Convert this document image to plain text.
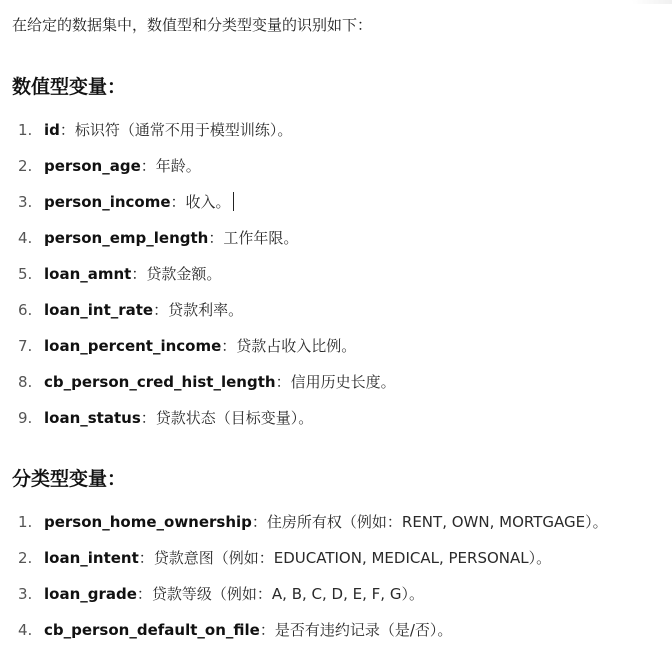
在给定的数据集中，数值型和分类型变量的识别如下：
数值型变量：
1. id：标识符（通常不用于模型训练）。
2. person_age：年龄。
3. person_income：收入。
4. person_emp_length：工作年限。
5. loan_amnt：贷款金额。
6. loan_int_rate：贷款利率。
7. loan_percent_income：贷款占收入比例。
8. cb_person_cred_hist_length：信用历史长度。
9. loan_status：贷款状态（目标变量）。
分类型变量：
1. person_home_ownership：住房所有权（例如：RENT, OWN, MORTGAGE）。
2. loan_intent：贷款意图（例如：EDUCATION, MEDICAL, PERSONAL）。
3. loan_grade：贷款等级（例如：A, B, C, D, E, F, G）。
4. cb_person_default_on_file：是否有违约记录（是/否）。
